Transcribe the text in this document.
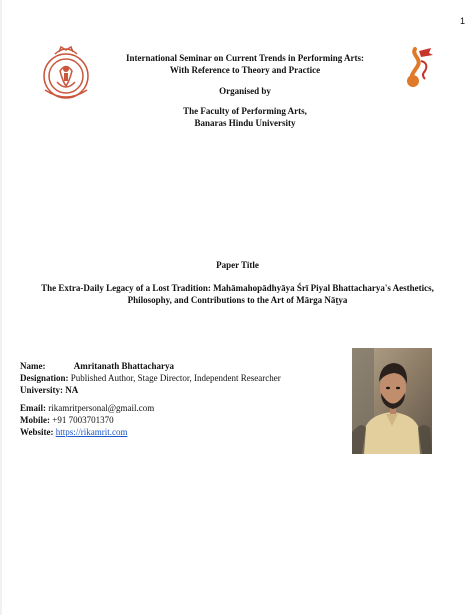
1
International Seminar on Current Trends in Performing Arts:
With Reference to Theory and Practice
Organised by
The Faculty of Performing Arts,
Banaras Hindu University
Paper Title
The Extra-Daily Legacy of a Lost Tradition: Mahāmahopādhyāya Śrī Piyal Bhattacharya's Aesthetics,
Philosophy, and Contributions to the Art of Mārga Nāṭya
Name:	Amritanath Bhattacharya
Designation: Published Author, Stage Director, Independent Researcher
University: NA
Email: rikamritpersonal@gmail.com
Mobile: +91 7003701370
Website: https://rikamrit.com
